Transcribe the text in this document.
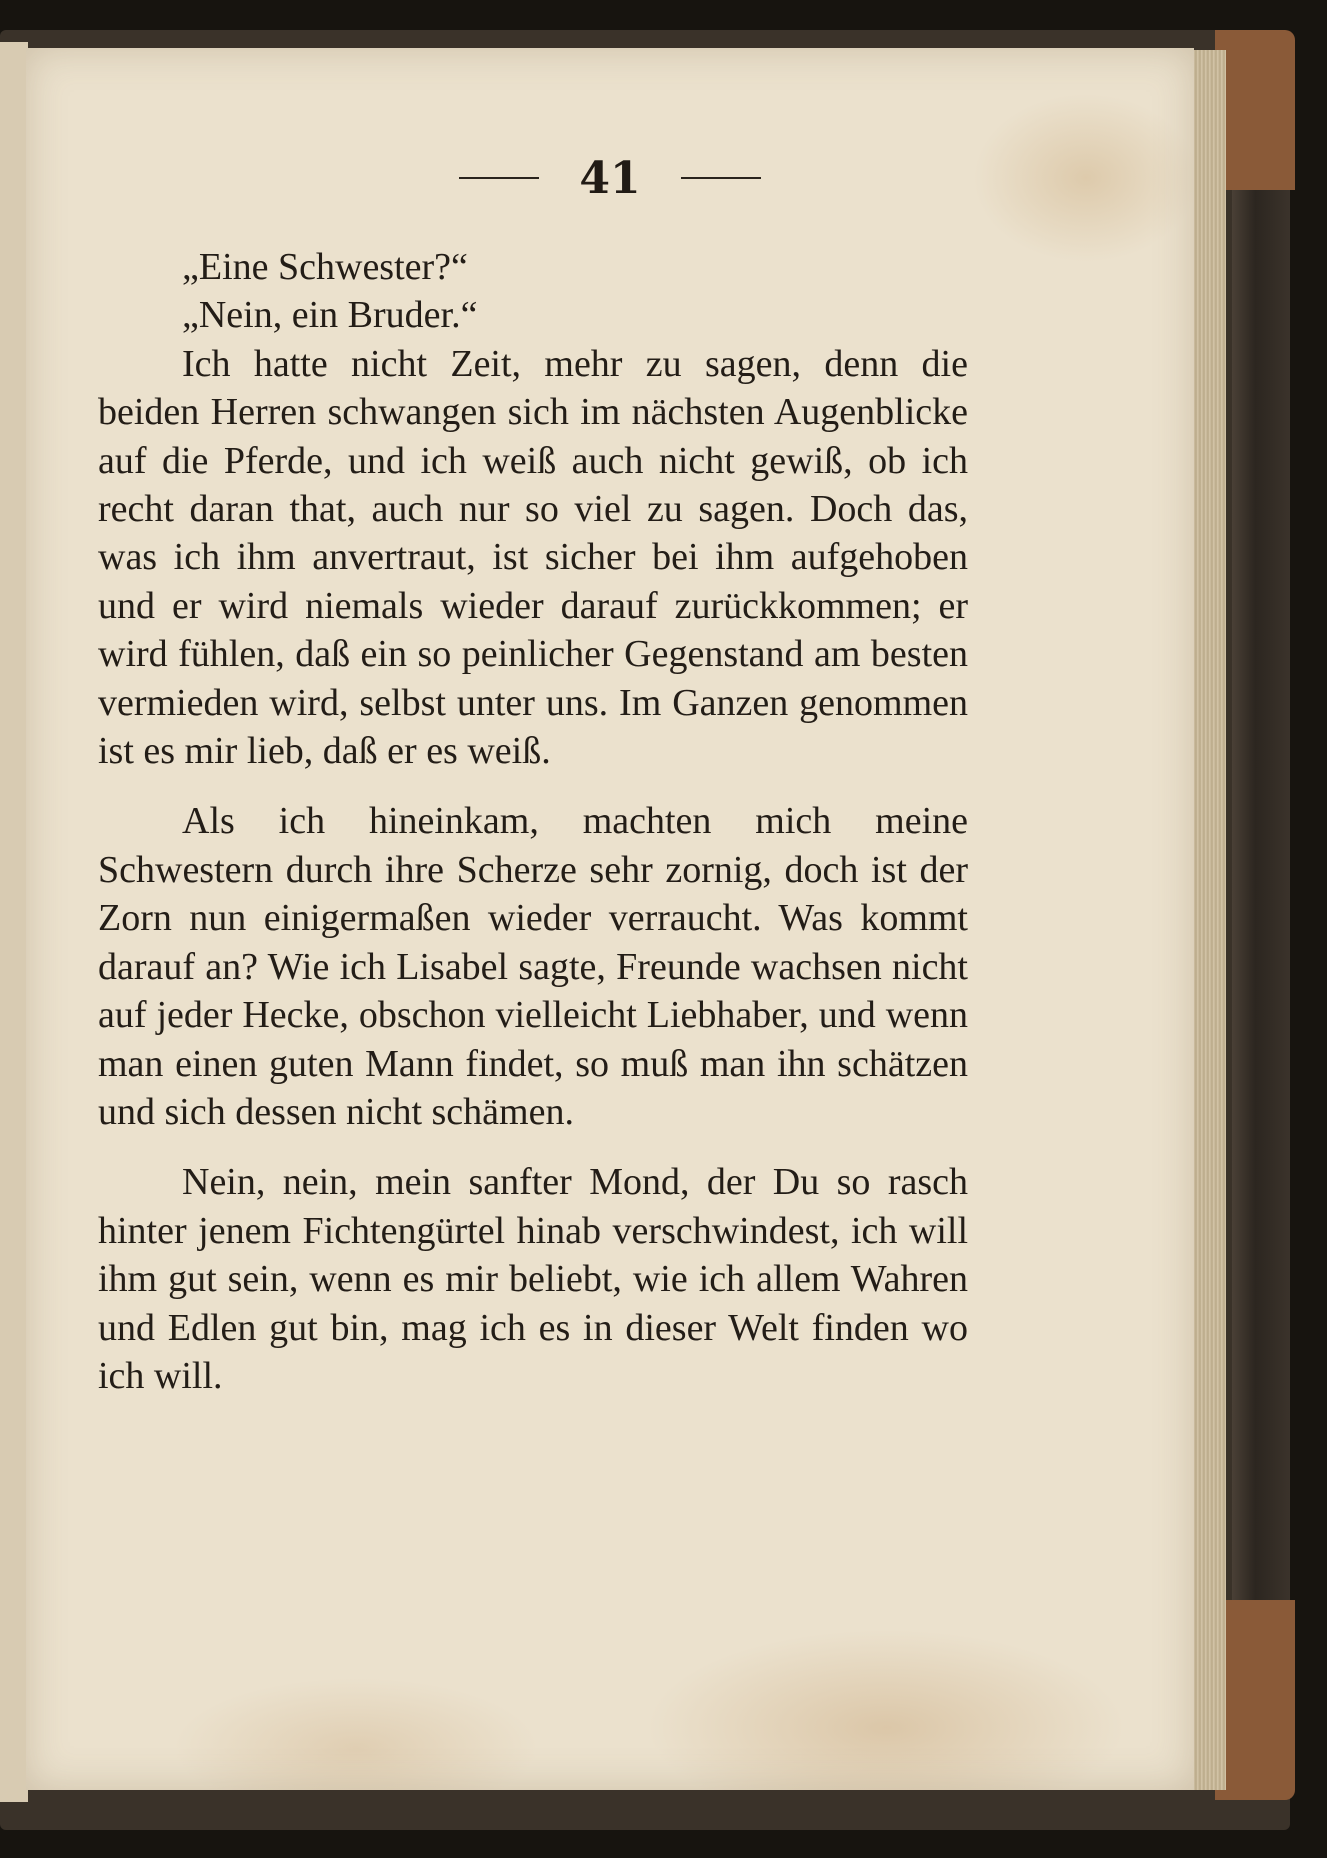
41

„Eine Schwester?“

„Nein, ein Bruder.“

Ich hatte nicht Zeit, mehr zu sagen, denn die beiden Herren schwangen sich im nächsten Augenblicke auf die Pferde, und ich weiß auch nicht gewiß, ob ich recht daran that, auch nur so viel zu sagen. Doch das, was ich ihm anvertraut, ist sicher bei ihm aufgehoben und er wird niemals wieder darauf zurückkommen; er wird fühlen, daß ein so peinlicher Gegenstand am besten vermieden wird, selbst unter uns. Im Ganzen genommen ist es mir lieb, daß er es weiß.

Als ich hineinkam, machten mich meine Schwestern durch ihre Scherze sehr zornig, doch ist der Zorn nun einigermaßen wieder verraucht. Was kommt darauf an? Wie ich Lisabel sagte, Freunde wachsen nicht auf jeder Hecke, obschon vielleicht Liebhaber, und wenn man einen guten Mann findet, so muß man ihn schätzen und sich dessen nicht schämen.

Nein, nein, mein sanfter Mond, der Du so rasch hinter jenem Fichtengürtel hinab verschwindest, ich will ihm gut sein, wenn es mir beliebt, wie ich allem Wahren und Edlen gut bin, mag ich es in dieser Welt finden wo ich will.
